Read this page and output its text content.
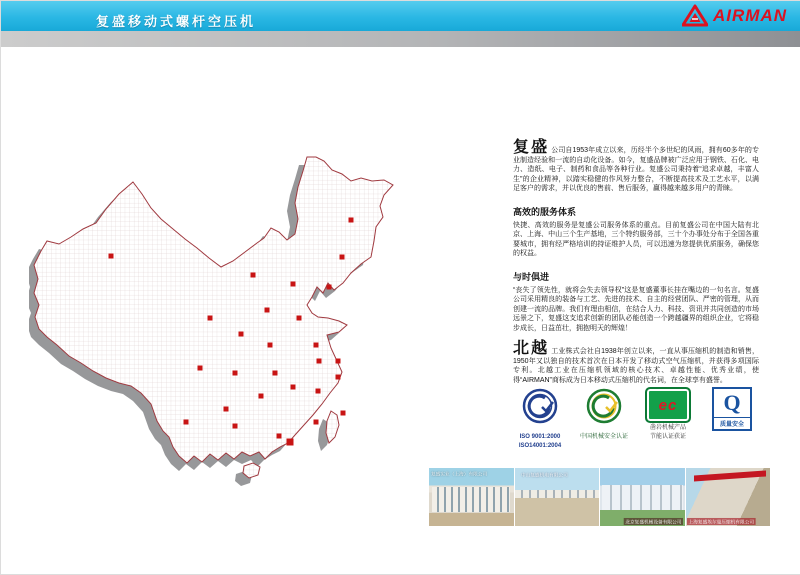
复盛移动式螺杆空压机	AIRMAN
复盛 公司自1953年成立以来，历经半个多世纪的风雨，拥有60多年的专业制造经验和一流的自动化设备。如今，复盛品牌被广泛应用于钢铁、石化、电力、造纸、电子、制药和食品等各种行业。复盛公司秉持着“追求卓越，丰富人生”的企业精神，以踏实稳健的作风努力整合，不断提高技术及工艺水平，以满足客户的需求，并以优良的售前、售后服务，赢得越来越多用户的青睐。
高效的服务体系
快捷、高效的服务是复盛公司服务体系的重点。目前复盛公司在中国大陆有北京、上海、中山三个生产基地，三个特约服务部，三十个办事处分布于全国各重要城市，拥有经严格培训的持证维护人员，可以迅速为您提供优质服务，确保您的权益。
与时俱进
“丧失了领先性，就将会失去领导权”这是复盛董事长挂在嘴边的一句名言。复盛公司采用精良的装备与工艺、先进的技术、自主的经营团队、严密的管理，从而创建一流的品牌。我们有理由相信，在结合人力、科技、资讯并共同创造的市场远景之下，复盛这支追求创新的团队必能创造一个跨越疆界的组织企业，它将稳步成长，日益茁壮，拥抱明天的辉煌！
北越 工业株式会社自1938年创立以来，一直从事压缩机的制造和销售，1950年又以独自的技术首次在日本开发了移动式空气压缩机，并获得多项国际专利。北越工业在压缩机领域的核心技术、卓越性能、优秀业绩，使得“AIRMAN”商标成为日本移动式压缩机的代名词，在全球享有盛誉。
ISO 9001:2000
ISO14001:2004
中国机械安全认证
ec
凿岩机械产品
节能认证获证
Q
质量安全
复盛实业（上海）有限公司	中山复盛机电有限公司
北京复盛机械设备有限公司 上海复盛埃尔曼压缩机有限公司
